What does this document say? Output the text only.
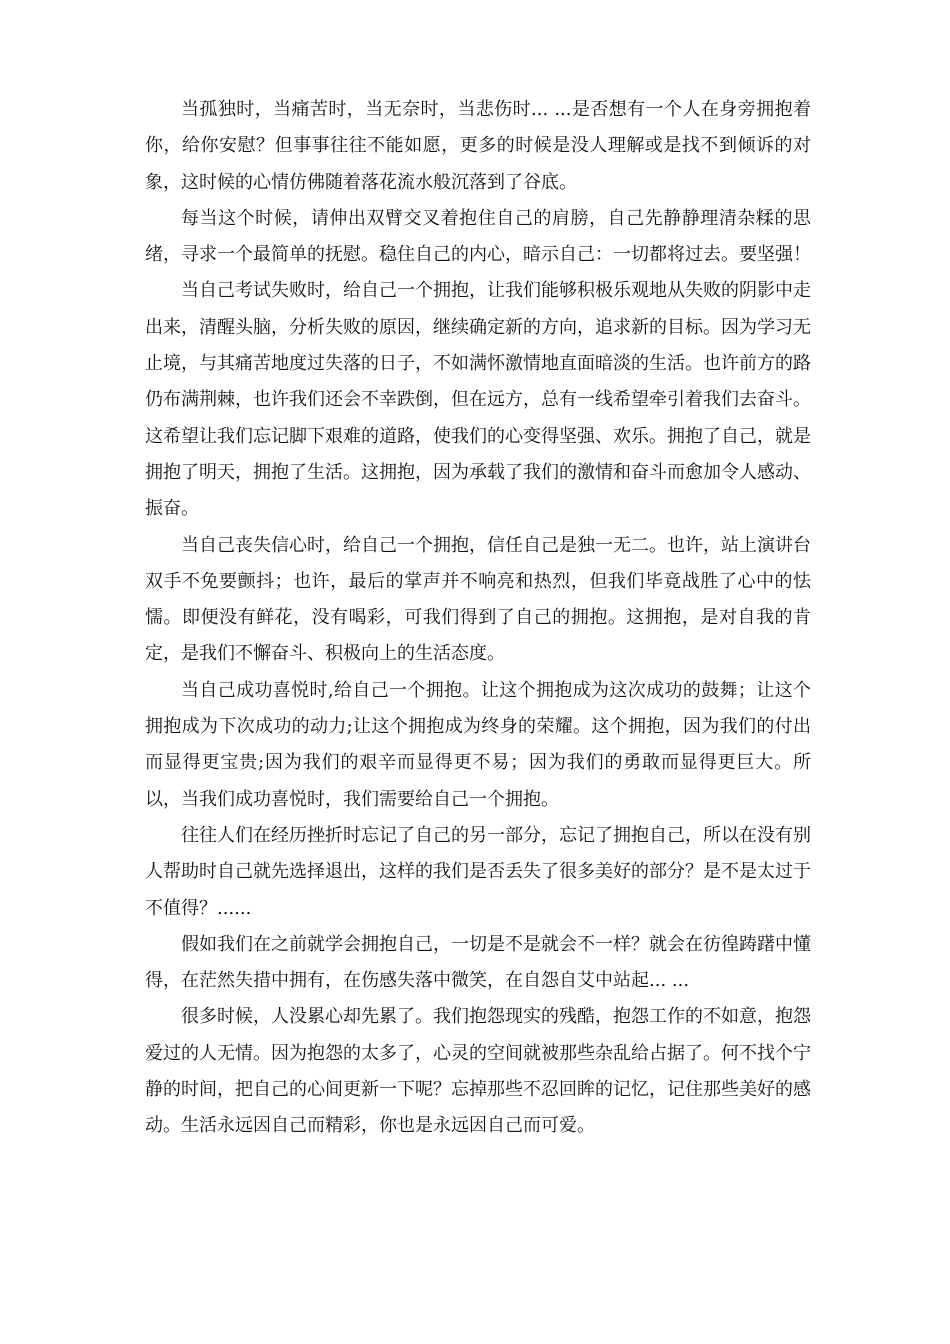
当孤独时，当痛苦时，当无奈时，当悲伤时... ...是否想有一个人在身旁拥抱着你，给你安慰？但事事往往不能如愿，更多的时候是没人理解或是找不到倾诉的对象，这时候的心情仿佛随着落花流水般沉落到了谷底。

每当这个时候，请伸出双臂交叉着抱住自己的肩膀，自己先静静理清杂糅的思绪，寻求一个最简单的抚慰。稳住自己的内心，暗示自己：一切都将过去。要坚强！

当自己考试失败时，给自己一个拥抱，让我们能够积极乐观地从失败的阴影中走出来，清醒头脑，分析失败的原因，继续确定新的方向，追求新的目标。因为学习无止境，与其痛苦地度过失落的日子，不如满怀激情地直面暗淡的生活。也许前方的路仍布满荆棘，也许我们还会不幸跌倒，但在远方，总有一线希望牵引着我们去奋斗。这希望让我们忘记脚下艰难的道路，使我们的心变得坚强、欢乐。拥抱了自己，就是拥抱了明天，拥抱了生活。这拥抱，因为承载了我们的激情和奋斗而愈加令人感动、振奋。

当自己丧失信心时，给自己一个拥抱，信任自己是独一无二。也许，站上演讲台双手不免要颤抖；也许，最后的掌声并不响亮和热烈，但我们毕竟战胜了心中的怯懦。即便没有鲜花，没有喝彩，可我们得到了自己的拥抱。这拥抱，是对自我的肯定，是我们不懈奋斗、积极向上的生活态度。

当自己成功喜悦时,给自己一个拥抱。让这个拥抱成为这次成功的鼓舞；让这个拥抱成为下次成功的动力;让这个拥抱成为终身的荣耀。这个拥抱，因为我们的付出而显得更宝贵;因为我们的艰辛而显得更不易；因为我们的勇敢而显得更巨大。所以，当我们成功喜悦时，我们需要给自己一个拥抱。

往往人们在经历挫折时忘记了自己的另一部分，忘记了拥抱自己，所以在没有别人帮助时自己就先选择退出，这样的我们是否丢失了很多美好的部分？是不是太过于不值得？......

假如我们在之前就学会拥抱自己，一切是不是就会不一样？就会在彷徨踌躇中懂得，在茫然失措中拥有，在伤感失落中微笑，在自怨自艾中站起... ...

很多时候，人没累心却先累了。我们抱怨现实的残酷，抱怨工作的不如意，抱怨爱过的人无情。因为抱怨的太多了，心灵的空间就被那些杂乱给占据了。何不找个宁静的时间，把自己的心间更新一下呢？忘掉那些不忍回眸的记忆，记住那些美好的感动。生活永远因自己而精彩，你也是永远因自己而可爱。
